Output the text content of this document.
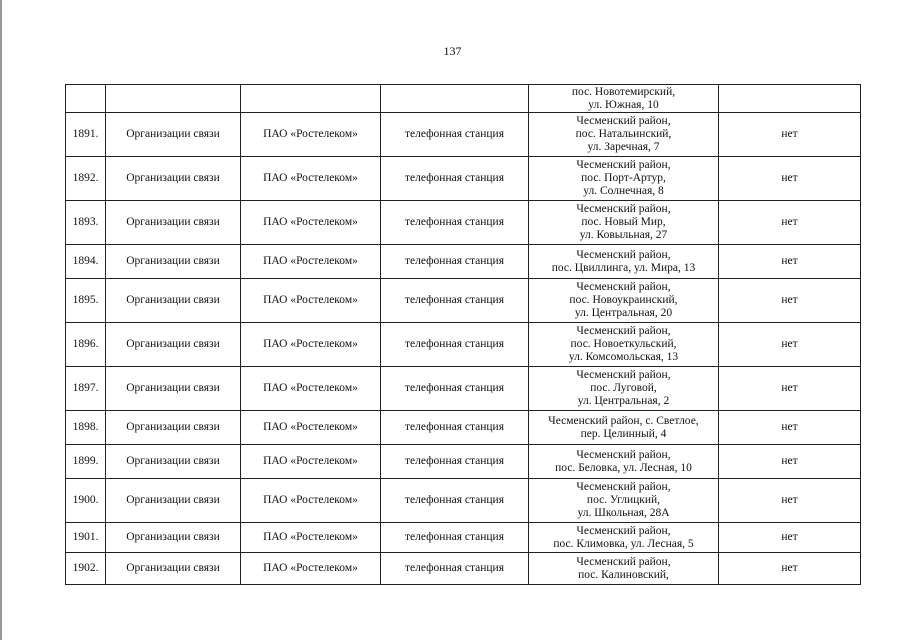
137

				пос. Новотемирский,
ул. Южная, 10	

1891.	Организации связи	ПАО «Ростелеком»	телефонная станция	Чесменский район,
пос. Натальинский,
ул. Заречная, 7	нет
1892.	Организации связи	ПАО «Ростелеком»	телефонная станция	Чесменский район,
пос. Порт-Артур,
ул. Солнечная, 8	нет
1893.	Организации связи	ПАО «Ростелеком»	телефонная станция	Чесменский район,
пос. Новый Мир,
ул. Ковыльная, 27	нет
1894.	Организации связи	ПАО «Ростелеком»	телефонная станция	Чесменский район,
пос. Цвиллинга, ул. Мира, 13	нет
1895.	Организации связи	ПАО «Ростелеком»	телефонная станция	Чесменский район,
пос. Новоукраинский,
ул. Центральная, 20	нет
1896.	Организации связи	ПАО «Ростелеком»	телефонная станция	Чесменский район,
пос. Новоеткульский,
ул. Комсомольская, 13	нет
1897.	Организации связи	ПАО «Ростелеком»	телефонная станция	Чесменский район,
пос. Луговой,
ул. Центральная, 2	нет
1898.	Организации связи	ПАО «Ростелеком»	телефонная станция	Чесменский район, с. Светлое,
пер. Целинный, 4	нет
1899.	Организации связи	ПАО «Ростелеком»	телефонная станция	Чесменский район,
пос. Беловка, ул. Лесная, 10	нет
1900.	Организации связи	ПАО «Ростелеком»	телефонная станция	Чесменский район,
пос. Углицкий,
ул. Школьная, 28А	нет
1901.	Организации связи	ПАО «Ростелеком»	телефонная станция	Чесменский район,
пос. Климовка, ул. Лесная, 5	нет
1902.	Организации связи	ПАО «Ростелеком»	телефонная станция	Чесменский район,
пос. Калиновский,	нет
